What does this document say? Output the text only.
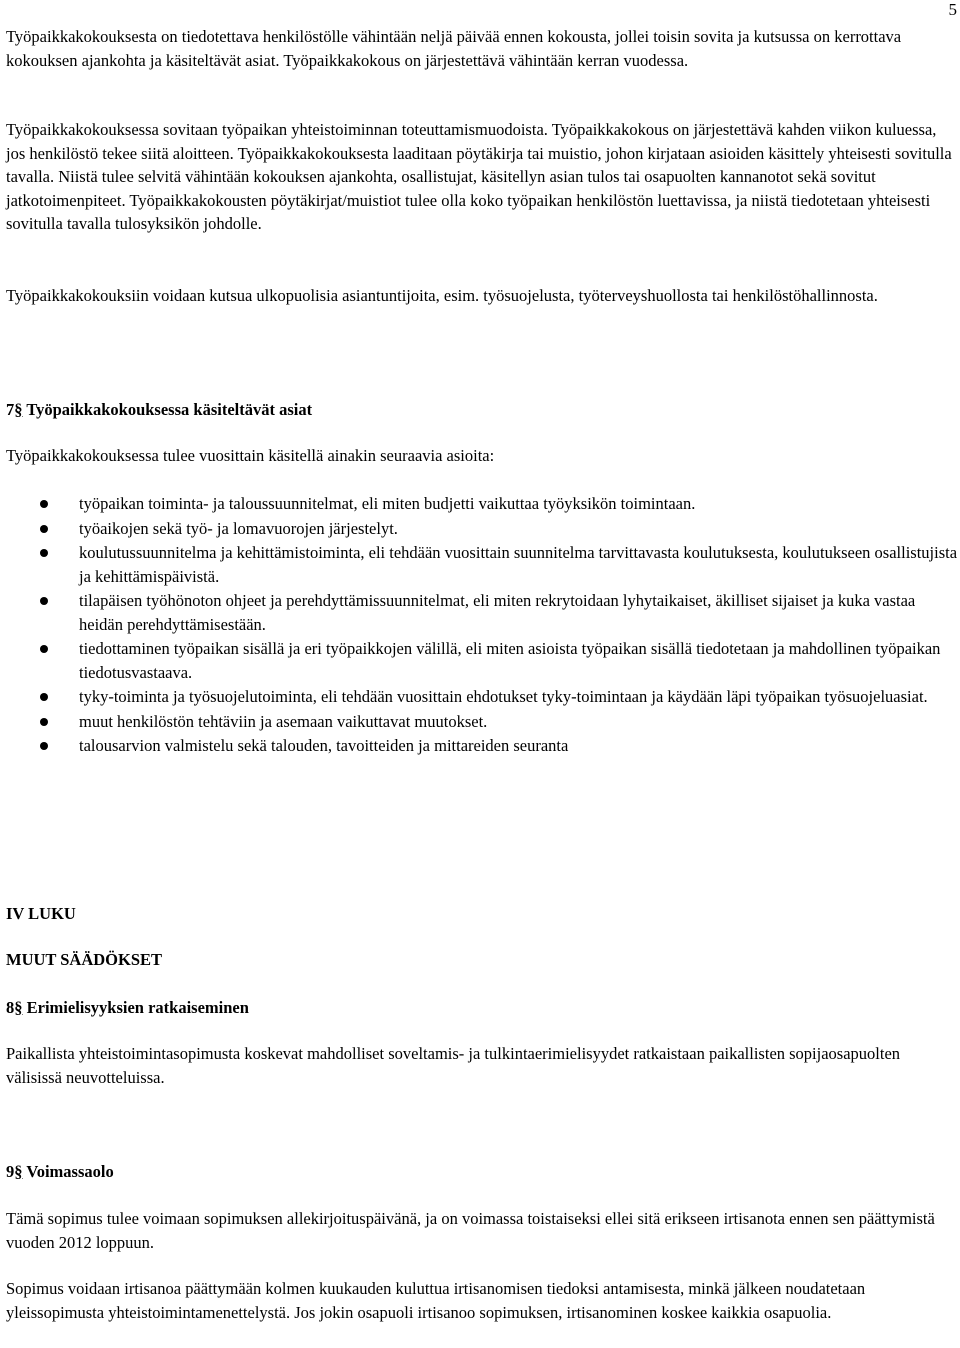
5

Työpaikkakokouksesta on tiedotettava henkilöstölle vähintään neljä päivää ennen kokousta, jollei toisin sovita ja kutsussa on kerrottava kokouksen ajankohta ja käsiteltävät asiat. Työpaikkakokous on järjestettävä vähintään kerran vuodessa.

Työpaikkakokouksessa sovitaan työpaikan yhteistoiminnan toteuttamismuodoista. Työpaikkakokous on järjestettävä kahden viikon kuluessa, jos henkilöstö tekee siitä aloitteen. Työpaikkakokouksesta laaditaan pöytäkirja tai muistio, johon kirjataan asioiden käsittely yhteisesti sovitulla tavalla. Niistä tulee selvitä vähintään kokouksen ajankohta, osallistujat, käsitellyn asian tulos tai osapuolten kannanotot sekä sovitut jatkotoimenpiteet. Työpaikkakokousten pöytäkirjat/muistiot tulee olla koko työpaikan henkilöstön luettavissa, ja niistä tiedotetaan yhteisesti sovitulla tavalla tulosyksikön johdolle.

Työpaikkakokouksiin voidaan kutsua ulkopuolisia asiantuntijoita, esim. työsuojelusta, työterveyshuollosta tai henkilöstöhallinnosta.

7§ Työpaikkakokouksessa käsiteltävät asiat

Työpaikkakokouksessa tulee vuosittain käsitellä ainakin seuraavia asioita:

työpaikan toiminta- ja taloussuunnitelmat, eli miten budjetti vaikuttaa työyksikön toimintaan.
työaikojen sekä työ- ja lomavuorojen järjestelyt.
koulutussuunnitelma ja kehittämistoiminta, eli tehdään vuosittain suunnitelma tarvittavasta koulutuksesta, koulutukseen osallistujista ja kehittämispäivistä.
tilapäisen työhönoton ohjeet ja perehdyttämissuunnitelmat, eli miten rekrytoidaan lyhytaikaiset, äkilliset sijaiset ja kuka vastaa heidän perehdyttämisestään.
tiedottaminen työpaikan sisällä ja eri työpaikkojen välillä, eli miten asioista työpaikan sisällä tiedotetaan ja mahdollinen työpaikan tiedotusvastaava.
tyky-toiminta ja työsuojelutoiminta, eli tehdään vuosittain ehdotukset tyky-toimintaan ja käydään läpi työpaikan työsuojeluasiat.
muut henkilöstön tehtäviin ja asemaan vaikuttavat muutokset.
talousarvion valmistelu sekä talouden, tavoitteiden ja mittareiden seuranta
IV LUKU
MUUT SÄÄDÖKSET
8§ Erimielisyyksien ratkaiseminen

Paikallista yhteistoimintasopimusta koskevat mahdolliset soveltamis- ja tulkintaerimielisyydet ratkaistaan paikallisten sopijaosapuolten välisissä neuvotteluissa.

9§ Voimassaolo

Tämä sopimus tulee voimaan sopimuksen allekirjoituspäivänä, ja on voimassa toistaiseksi ellei sitä erikseen irtisanota ennen sen päättymistä vuoden 2012 loppuun.

Sopimus voidaan irtisanoa päättymään kolmen kuukauden kuluttua irtisanomisen tiedoksi antamisesta, minkä jälkeen noudatetaan yleissopimusta yhteistoimintamenettelystä. Jos jokin osapuoli irtisanoo sopimuksen, irtisanominen koskee kaikkia osapuolia.
